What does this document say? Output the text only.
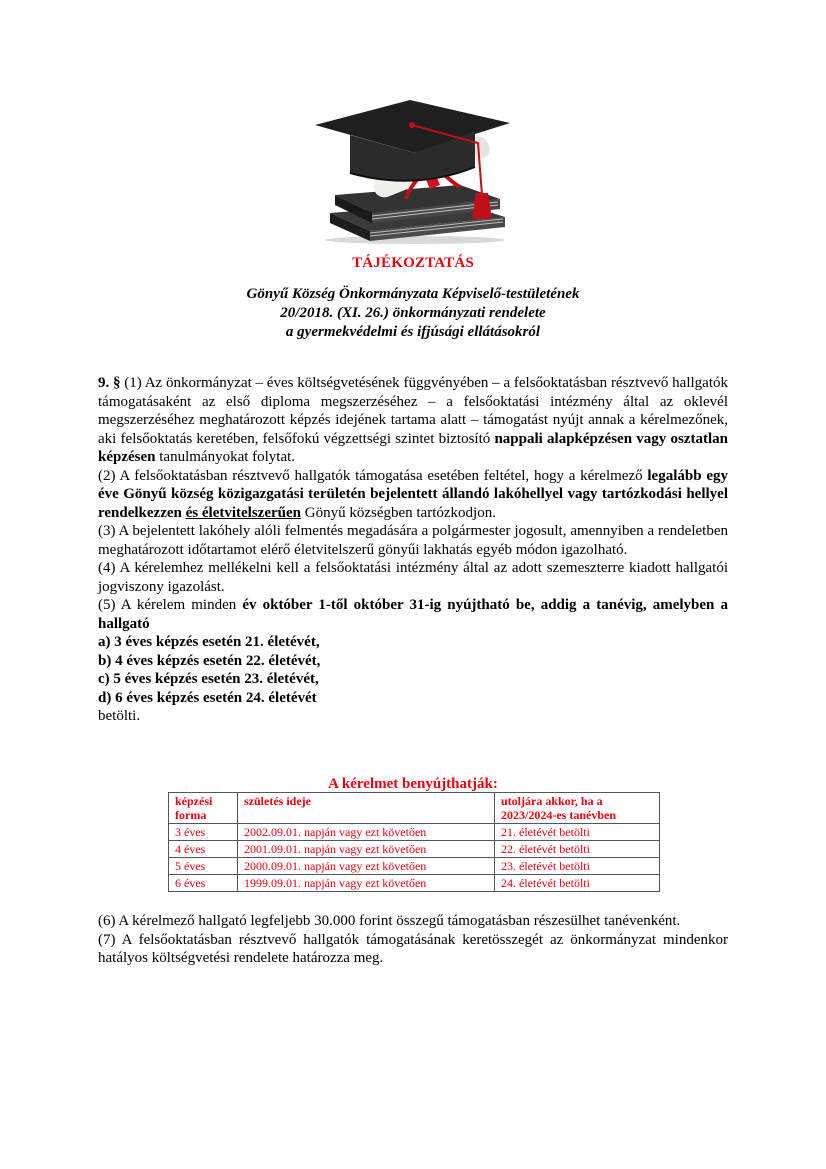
TÁJÉKOZTATÁS
Gönyű Község Önkormányzata Képviselő-testületének
20/2018. (XI. 26.) önkormányzati rendelete
a gyermekvédelmi és ifjúsági ellátásokról

9. § (1) Az önkormányzat – éves költségvetésének függvényében – a felsőoktatásban résztvevő hallgatók támogatásaként az első diploma megszerzéséhez – a felsőoktatási intézmény által az oklevél megszerzéséhez meghatározott képzés idejének tartama alatt – támogatást nyújt annak a kérelmezőnek, aki felsőoktatás keretében, felsőfokú végzettségi szintet biztosító nappali alapképzésen vagy osztatlan képzésen tanulmányokat folytat.

(2) A felsőoktatásban résztvevő hallgatók támogatása esetében feltétel, hogy a kérelmező legalább egy éve Gönyű község közigazgatási területén bejelentett állandó lakóhellyel vagy tartózkodási hellyel rendelkezzen és életvitelszerűen Gönyű községben tartózkodjon.

(3) A bejelentett lakóhely alóli felmentés megadására a polgármester jogosult, amennyiben a rendeletben meghatározott időtartamot elérő életvitelszerű gönyűi lakhatás egyéb módon igazolható.

(4) A kérelemhez mellékelni kell a felsőoktatási intézmény által az adott szemeszterre kiadott hallgatói jogviszony igazolást.

(5) A kérelem minden év október 1-től október 31-ig nyújtható be, addig a tanévig, amelyben a hallgató

a) 3 éves képzés esetén 21. életévét,

b) 4 éves képzés esetén 22. életévét,

c) 5 éves képzés esetén 23. életévét,

d) 6 éves képzés esetén 24. életévét

betölti.

A kérelmet benyújthatják:
képzési forma	születés ideje	utoljára akkor, ha a 2023/2024-es tanévben
3 éves	2002.09.01. napján vagy ezt követően	21. életévét betölti
4 éves	2001.09.01. napján vagy ezt követően	22. életévét betölti
5 éves	2000.09.01. napján vagy ezt követően	23. életévét betölti
6 éves	1999.09.01. napján vagy ezt követően	24. életévét betölti

(6) A kérelmező hallgató legfeljebb 30.000 forint összegű támogatásban részesülhet tanévenként.

(7) A felsőoktatásban résztvevő hallgatók támogatásának keretösszegét az önkormányzat mindenkor hatályos költségvetési rendelete határozza meg.
